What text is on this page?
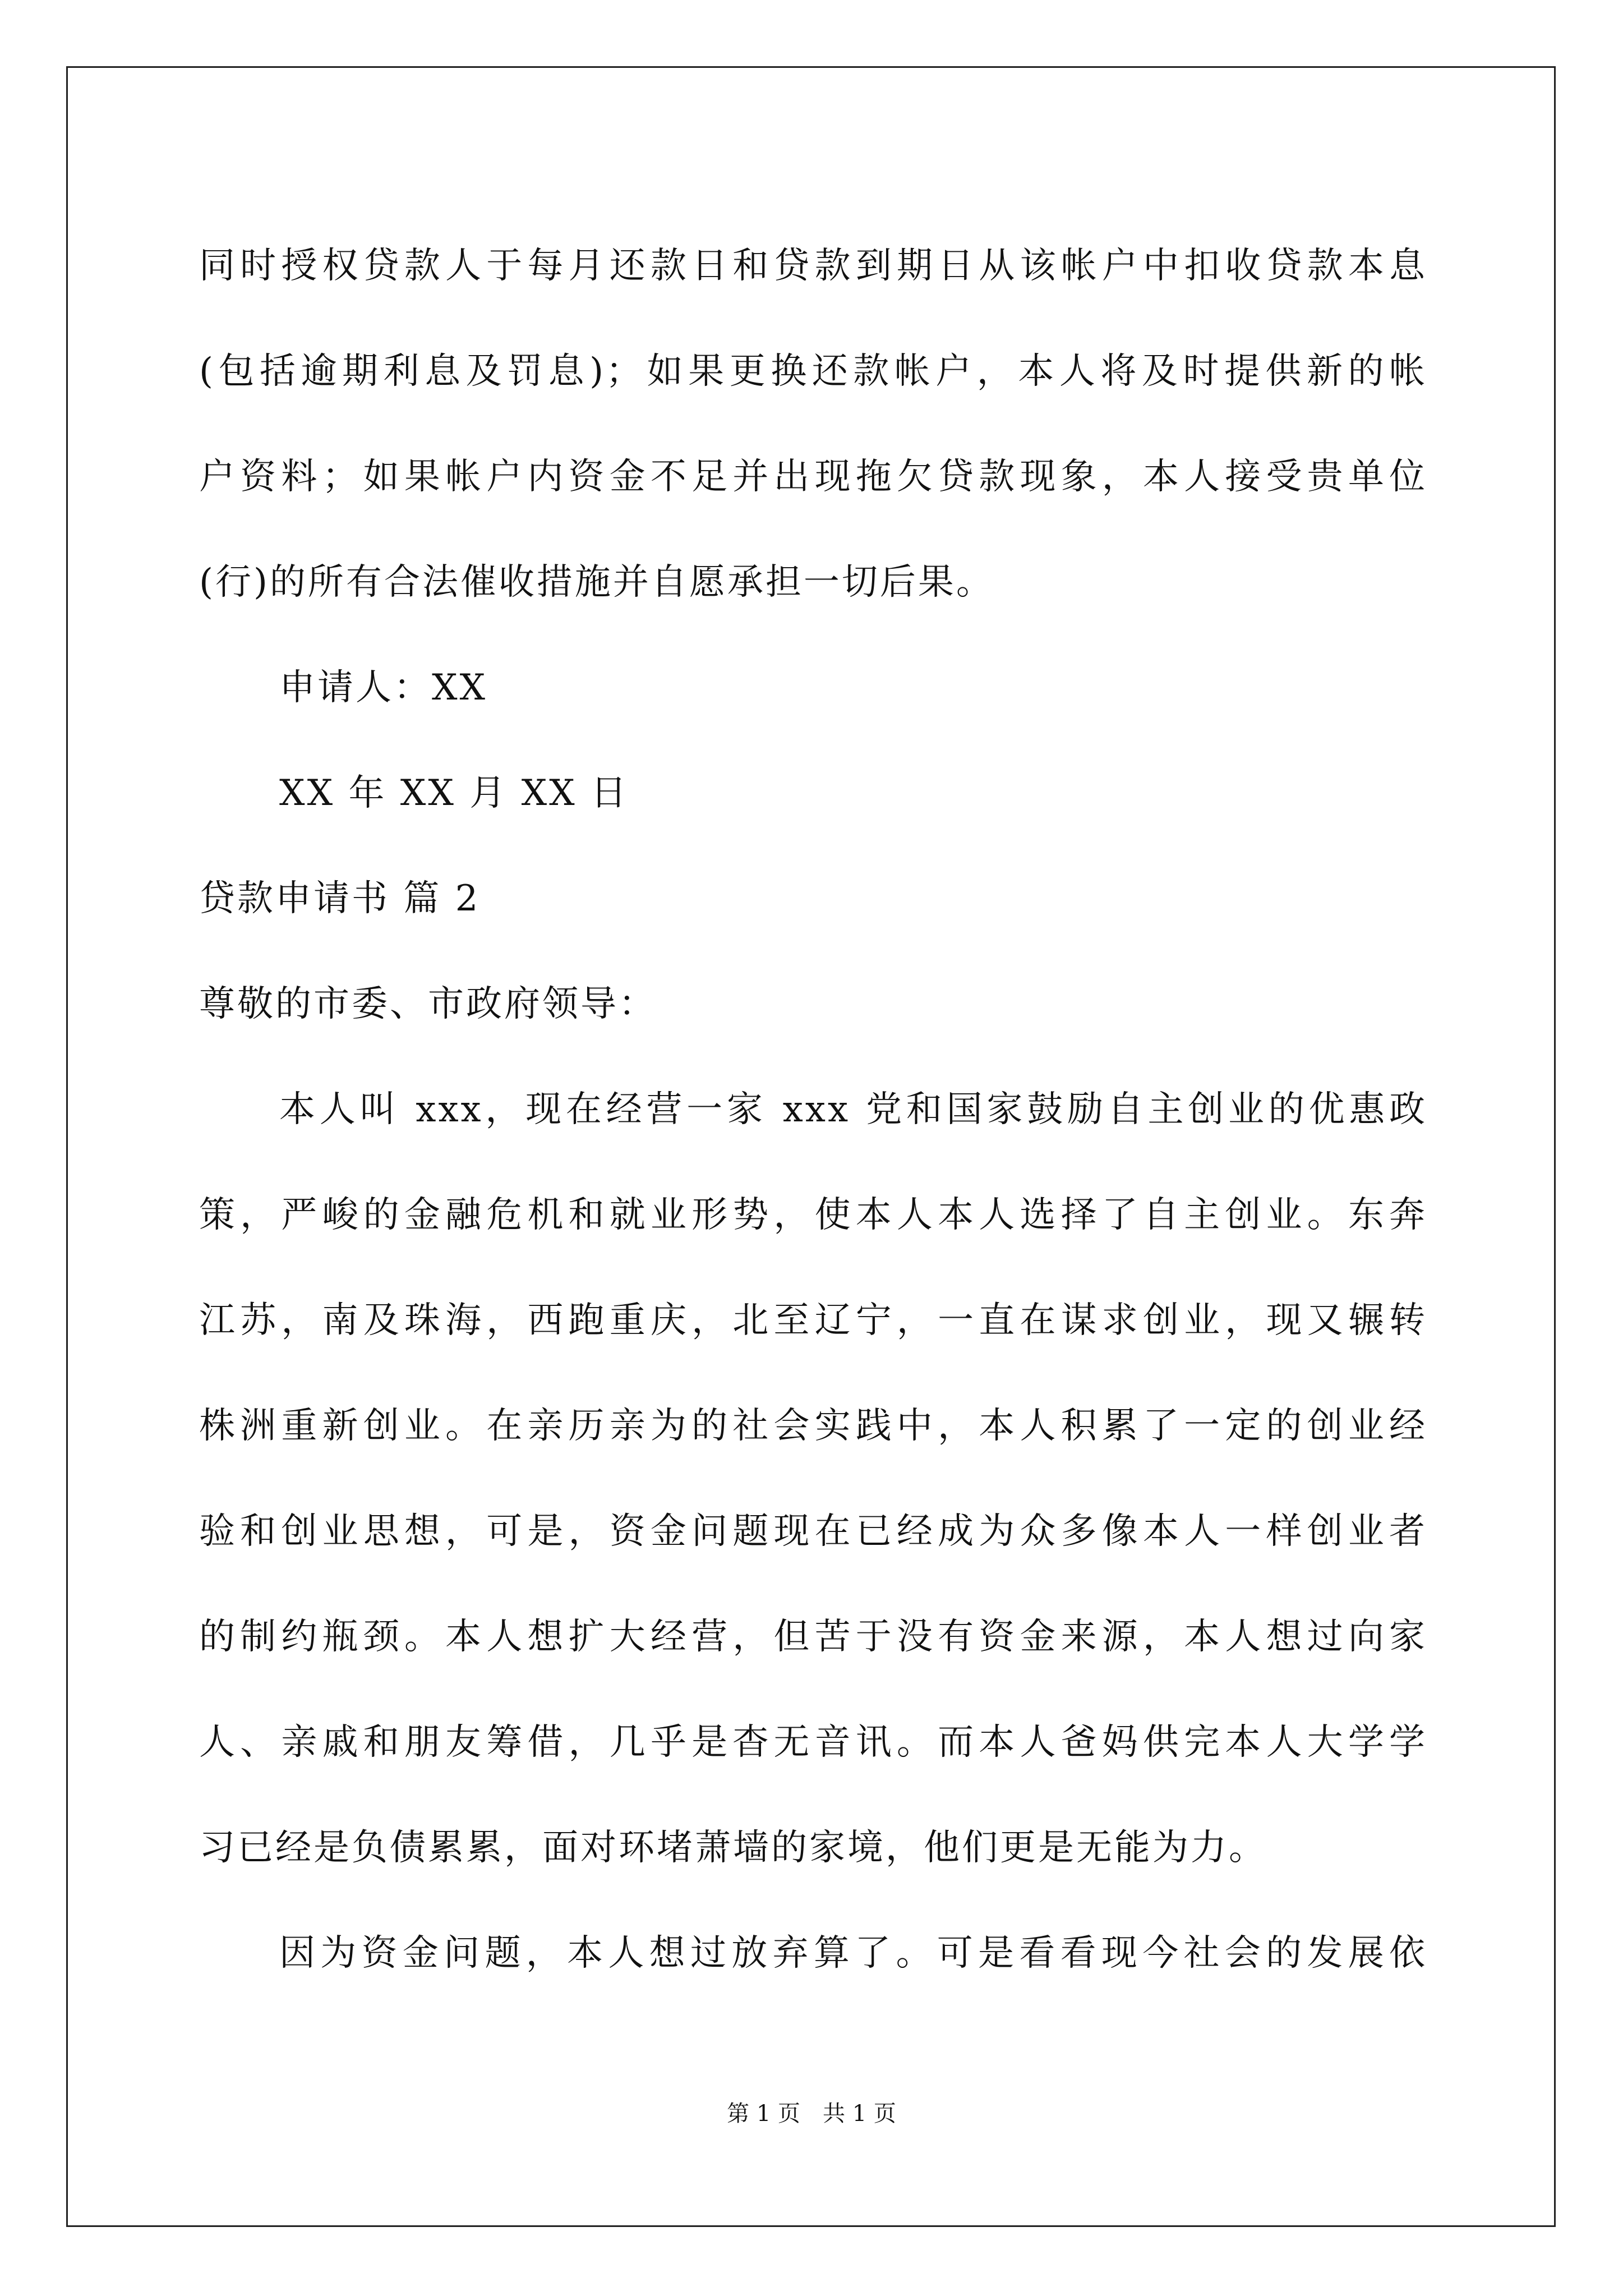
同时授权贷款人于每月还款日和贷款到期日从该帐户中扣收贷款本息
(包括逾期利息及罚息)；如果更换还款帐户，本人将及时提供新的帐
户资料；如果帐户内资金不足并出现拖欠贷款现象，本人接受贵单位
(行)的所有合法催收措施并自愿承担一切后果。
申请人：XX
XX 年 XX 月 XX 日
贷款申请书 篇 2
尊敬的市委、市政府领导：
本人叫 xxx，现在经营一家 xxx 党和国家鼓励自主创业的优惠政
策，严峻的金融危机和就业形势，使本人本人选择了自主创业。东奔
江苏，南及珠海，西跑重庆，北至辽宁，一直在谋求创业，现又辗转
株洲重新创业。在亲历亲为的社会实践中，本人积累了一定的创业经
验和创业思想，可是，资金问题现在已经成为众多像本人一样创业者
的制约瓶颈。本人想扩大经营，但苦于没有资金来源，本人想过向家
人、亲戚和朋友筹借，几乎是杳无音讯。而本人爸妈供完本人大学学
习已经是负债累累，面对环堵萧墙的家境，他们更是无能为力。
因为资金问题，本人想过放弃算了。可是看看现今社会的发展依
第 1 页 共 1 页
